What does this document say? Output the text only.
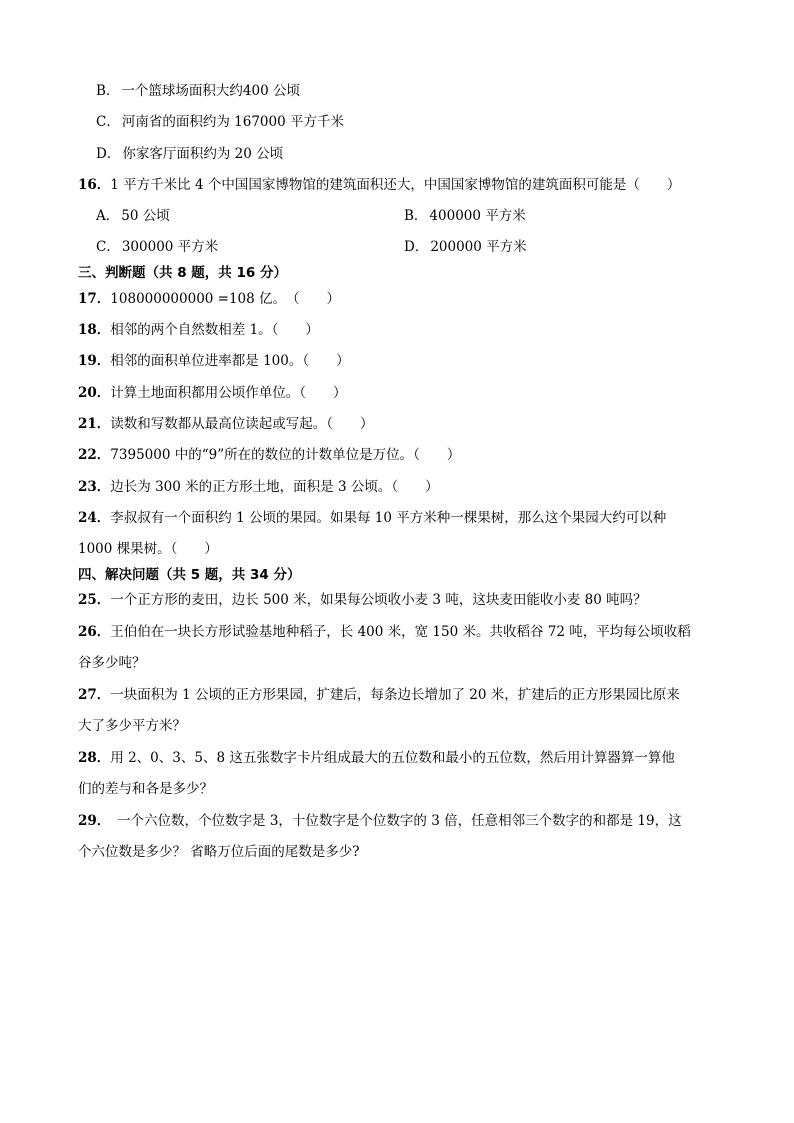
B． 一个篮球场面积大约400 公顷
C． 河南省的面积约为 167000 平方千米
D． 你家客厅面积约为 20 公顷
16．1 平方千米比 4 个中国国家博物馆的建筑面积还大，中国国家博物馆的建筑面积可能是（　　）
A． 50 公顷	B． 400000 平方米
C． 300000 平方米	D． 200000 平方米
三、判断题（共 8 题，共 16 分）
17．108000000000 =108 亿。　（　　）
18．相邻的两个自然数相差 1。（　　）
19．相邻的面积单位进率都是 100。（　　）
20．计算土地面积都用公顷作单位。（　　）
21．读数和写数都从最高位读起或写起。（　　）
22．7395000 中的“9”所在的数位的计数单位是万位。（　　）
23．边长为 300 米的正方形土地，面积是 3 公顷。（　　）
24．李叔叔有一个面积约 1 公顷的果园。如果每 10 平方米种一棵果树，那么这个果园大约可以种
1000 棵果树。（　　）
四、解决问题（共 5 题，共 34 分）
25．一个正方形的麦田，边长 500 米，如果每公顷收小麦 3 吨，这块麦田能收小麦 80 吨吗？
26．王伯伯在一块长方形试验基地种稻子，长 400 米，宽 150 米。共收稻谷 72 吨，平均每公顷收稻
谷多少吨？
27．一块面积为 1 公顷的正方形果园，扩建后，每条边长增加了 20 米，扩建后的正方形果园比原来
大了多少平方米？
28．用 2、0、3、5、8 这五张数字卡片组成最大的五位数和最小的五位数，然后用计算器算一算他
们的差与和各是多少？
29．　一个六位数，个位数字是 3，十位数字是个位数字的 3 倍，任意相邻三个数字的和都是 19，这
个六位数是多少？ 省略万位后面的尾数是多少?
